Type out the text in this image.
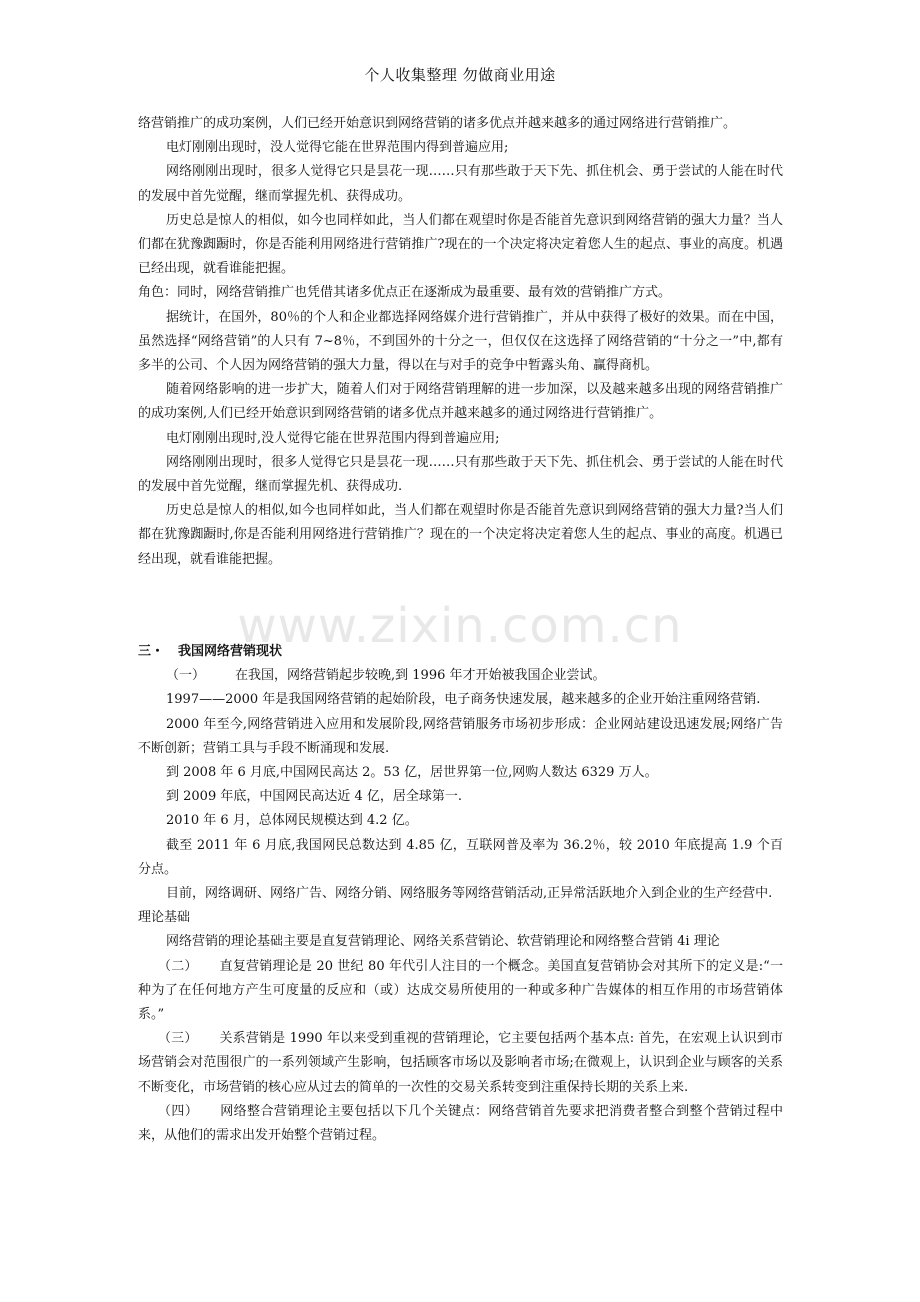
个人收集整理 勿做商业用途

络营销推广的成功案例，人们已经开始意识到网络营销的诸多优点并越来越多的通过网络进行营销推广。

电灯刚刚出现时，没人觉得它能在世界范围内得到普遍应用;

网络刚刚出现时，很多人觉得它只是昙花一现……只有那些敢于天下先、抓住机会、勇于尝试的人能在时代的发展中首先觉醒，继而掌握先机、获得成功。

历史总是惊人的相似，如今也同样如此，当人们都在观望时你是否能首先意识到网络营销的强大力量？当人们都在犹豫踟蹰时，你是否能利用网络进行营销推广?现在的一个决定将决定着您人生的起点、事业的高度。机遇已经出现，就看谁能把握。

角色：同时，网络营销推广也凭借其诸多优点正在逐渐成为最重要、最有效的营销推广方式。

据统计，在国外，80％的个人和企业都选择网络媒介进行营销推广，并从中获得了极好的效果。而在中国，虽然选择“网络营销”的人只有 7~8％，不到国外的十分之一，但仅仅在这选择了网络营销的“十分之一”中,都有多半的公司、个人因为网络营销的强大力量，得以在与对手的竞争中暂露头角、赢得商机。

随着网络影响的进一步扩大，随着人们对于网络营销理解的进一步加深，以及越来越多出现的网络营销推广的成功案例,人们已经开始意识到网络营销的诸多优点并越来越多的通过网络进行营销推广。

电灯刚刚出现时,没人觉得它能在世界范围内得到普遍应用;

网络刚刚出现时，很多人觉得它只是昙花一现……只有那些敢于天下先、抓住机会、勇于尝试的人能在时代的发展中首先觉醒，继而掌握先机、获得成功.

历史总是惊人的相似,如今也同样如此，当人们都在观望时你是否能首先意识到网络营销的强大力量?当人们都在犹豫踟蹰时,你是否能利用网络进行营销推广？现在的一个决定将决定着您人生的起点、事业的高度。机遇已经出现，就看谁能把握。

www.zixin.com.cn

三・	我国网络营销现状

（一） 在我国，网络营销起步较晚,到 1996 年才开始被我国企业尝试。

1997——2000 年是我国网络营销的起始阶段，电子商务快速发展，越来越多的企业开始注重网络营销.

2000 年至今,网络营销进入应用和发展阶段,网络营销服务市场初步形成：企业网站建设迅速发展;网络广告不断创新；营销工具与手段不断涌现和发展.

到 2008 年 6 月底,中国网民高达 2。53 亿，居世界第一位,网购人数达 6329 万人。

到 2009 年底，中国网民高达近 4 亿，居全球第一.

2010 年 6 月，总体网民规模达到 4.2 亿。

截至 2011 年 6 月底,我国网民总数达到 4.85 亿，互联网普及率为 36.2％，较 2010 年底提高 1.9 个百分点。

目前，网络调研、网络广告、网络分销、网络服务等网络营销活动,正异常活跃地介入到企业的生产经营中.

理论基础

网络营销的理论基础主要是直复营销理论、网络关系营销论、软营销理论和网络整合营销 4i 理论

（二） 直复营销理论是 20 世纪 80 年代引人注目的一个概念。美国直复营销协会对其所下的定义是:“一种为了在任何地方产生可度量的反应和（或）达成交易所使用的一种或多种广告媒体的相互作用的市场营销体系。”

（三） 关系营销是 1990 年以来受到重视的营销理论，它主要包括两个基本点: 首先，在宏观上认识到市场营销会对范围很广的一系列领域产生影响，包括顾客市场以及影响者市场;在微观上，认识到企业与顾客的关系不断变化，市场营销的核心应从过去的简单的一次性的交易关系转变到注重保持长期的关系上来.

（四） 网络整合营销理论主要包括以下几个关键点：网络营销首先要求把消费者整合到整个营销过程中来，从他们的需求出发开始整个营销过程。
